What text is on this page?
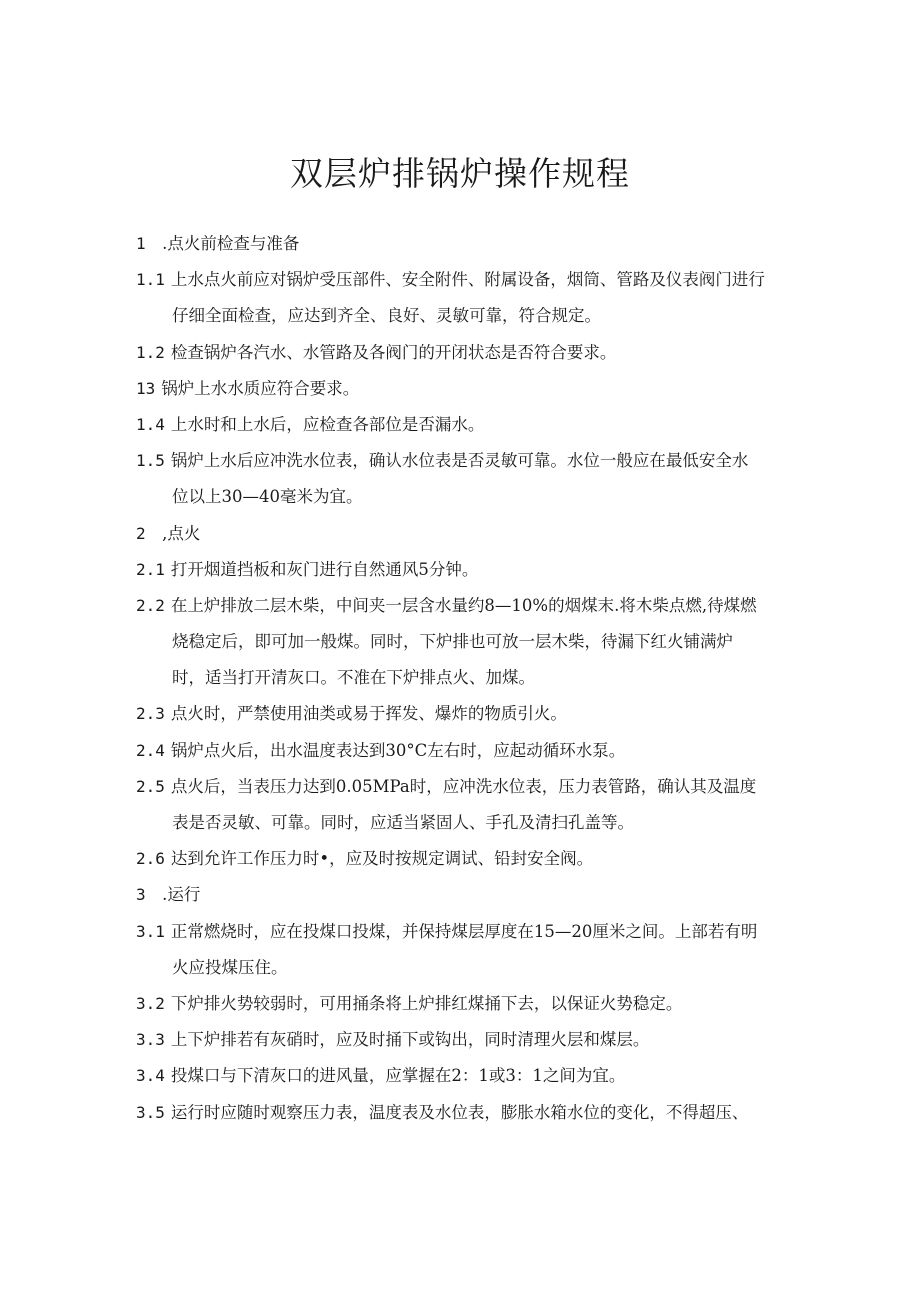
双层炉排锅炉操作规程
1  .点火前检查与准备
1.1 上水点火前应对锅炉受压部件、安全附件、附属设备，烟筒、管路及仪表阀门进行
仔细全面检查，应达到齐全、良好、灵敏可靠，符合规定。
1.2 检查锅炉各汽水、水管路及各阀门的开闭状态是否符合要求。
13 锅炉上水水质应符合要求。
1.4 上水时和上水后，应检查各部位是否漏水。
1.5 锅炉上水后应冲洗水位表，确认水位表是否灵敏可靠。水位一般应在最低安全水
位以上30—40毫米为宜。
2  ,点火
2.1 打开烟道挡板和灰门进行自然通风5分钟。
2.2 在上炉排放二层木柴，中间夹一层含水量约8—10%的烟煤末.将木柴点燃,待煤燃
烧稳定后，即可加一般煤。同时，下炉排也可放一层木柴，待漏下红火铺满炉
时，适当打开清灰口。不准在下炉排点火、加煤。
2.3 点火时，严禁使用油类或易于挥发、爆炸的物质引火。
2.4 锅炉点火后，出水温度表达到30°C左右时，应起动循环水泵。
2.5 点火后，当表压力达到0.05MPa时，应冲洗水位表，压力表管路，确认其及温度
表是否灵敏、可靠。同时，应适当紧固人、手孔及清扫孔盖等。
2.6 达到允许工作压力时•，应及时按规定调试、铅封安全阀。
3  .运行
3.1 正常燃烧时，应在投煤口投煤，并保持煤层厚度在15—20厘米之间。上部若有明
火应投煤压住。
3.2 下炉排火势较弱时，可用捅条将上炉排红煤捅下去，以保证火势稳定。
3.3 上下炉排若有灰硝时，应及时捅下或钩出，同时清理火层和煤层。
3.4 投煤口与下清灰口的进风量，应掌握在2：1或3：1之间为宜。
3.5 运行时应随时观察压力表，温度表及水位表，膨胀水箱水位的变化，不得超压、
